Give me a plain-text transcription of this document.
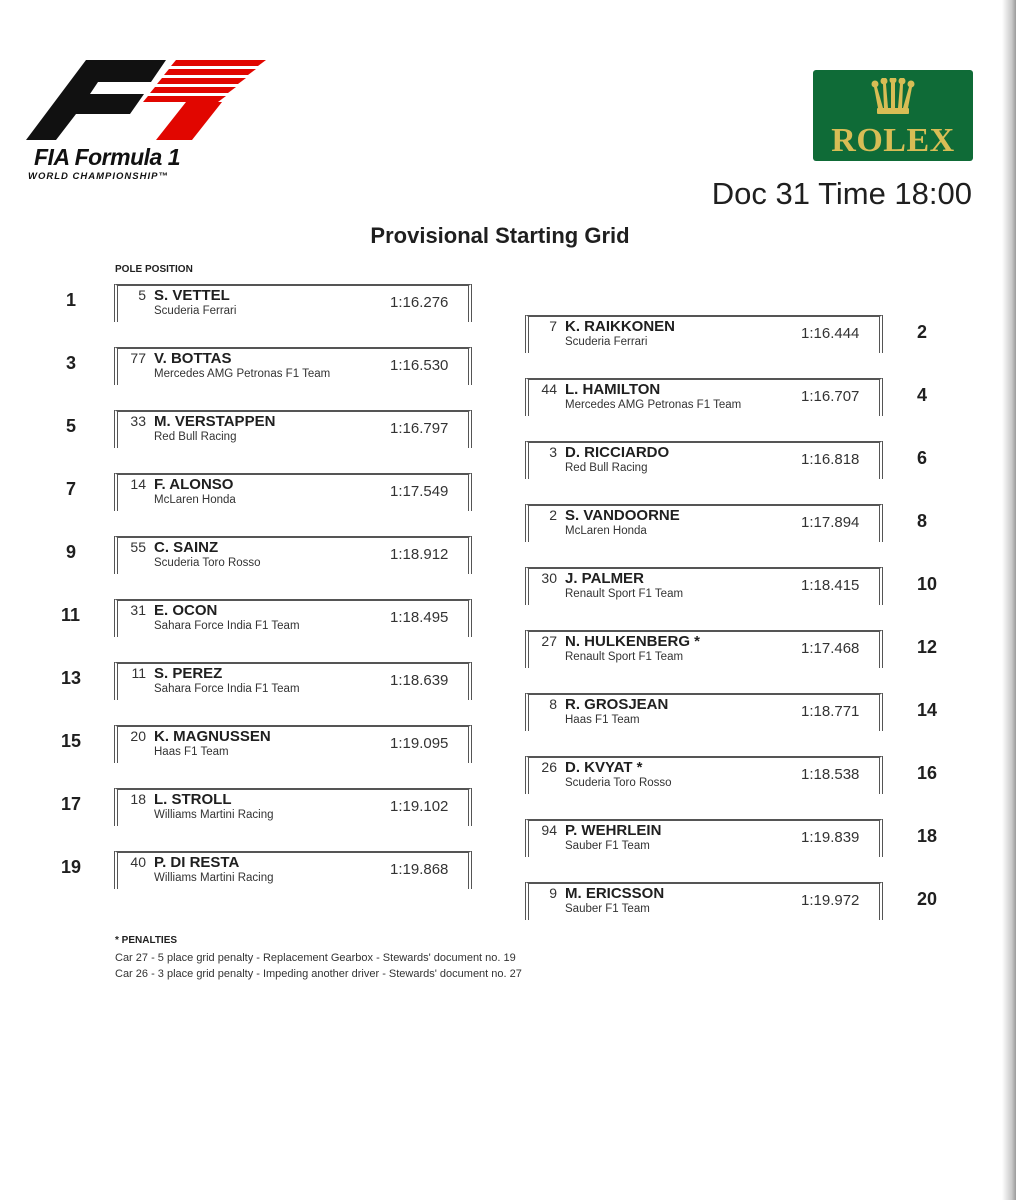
FIA Formula 1
WORLD CHAMPIONSHIP™
ROLEX
Doc 31 Time 18:00
Provisional Starting Grid
POLE POSITION
1	5 S. VETTEL
Scuderia Ferrari	1:16.276
3	77 V. BOTTAS
Mercedes AMG Petronas F1 Team	1:16.530
5	33 M. VERSTAPPEN
Red Bull Racing	1:16.797
7	14 F. ALONSO
McLaren Honda	1:17.549
9	55 C. SAINZ
Scuderia Toro Rosso	1:18.912
11	31 E. OCON
Sahara Force India F1 Team	1:18.495
13	11 S. PEREZ
Sahara Force India F1 Team	1:18.639
15	20 K. MAGNUSSEN
Haas F1 Team	1:19.095
17	18 L. STROLL
Williams Martini Racing	1:19.102
19	40 P. DI RESTA
Williams Martini Racing	1:19.868
7 K. RAIKKONEN
Scuderia Ferrari	1:16.444	2
44 L. HAMILTON
Mercedes AMG Petronas F1 Team	1:16.707	4
3 D. RICCIARDO
Red Bull Racing	1:16.818	6
2 S. VANDOORNE
McLaren Honda	1:17.894	8
30 J. PALMER
Renault Sport F1 Team	1:18.415	10
27 N. HULKENBERG *
Renault Sport F1 Team	1:17.468	12
8 R. GROSJEAN
Haas F1 Team	1:18.771	14
26 D. KVYAT *
Scuderia Toro Rosso	1:18.538	16
94 P. WEHRLEIN
Sauber F1 Team	1:19.839	18
9 M. ERICSSON
Sauber F1 Team	1:19.972	20
* PENALTIES
Car 27 - 5 place grid penalty - Replacement Gearbox - Stewards' document no. 19
Car 26 - 3 place grid penalty - Impeding another driver - Stewards' document no. 27
